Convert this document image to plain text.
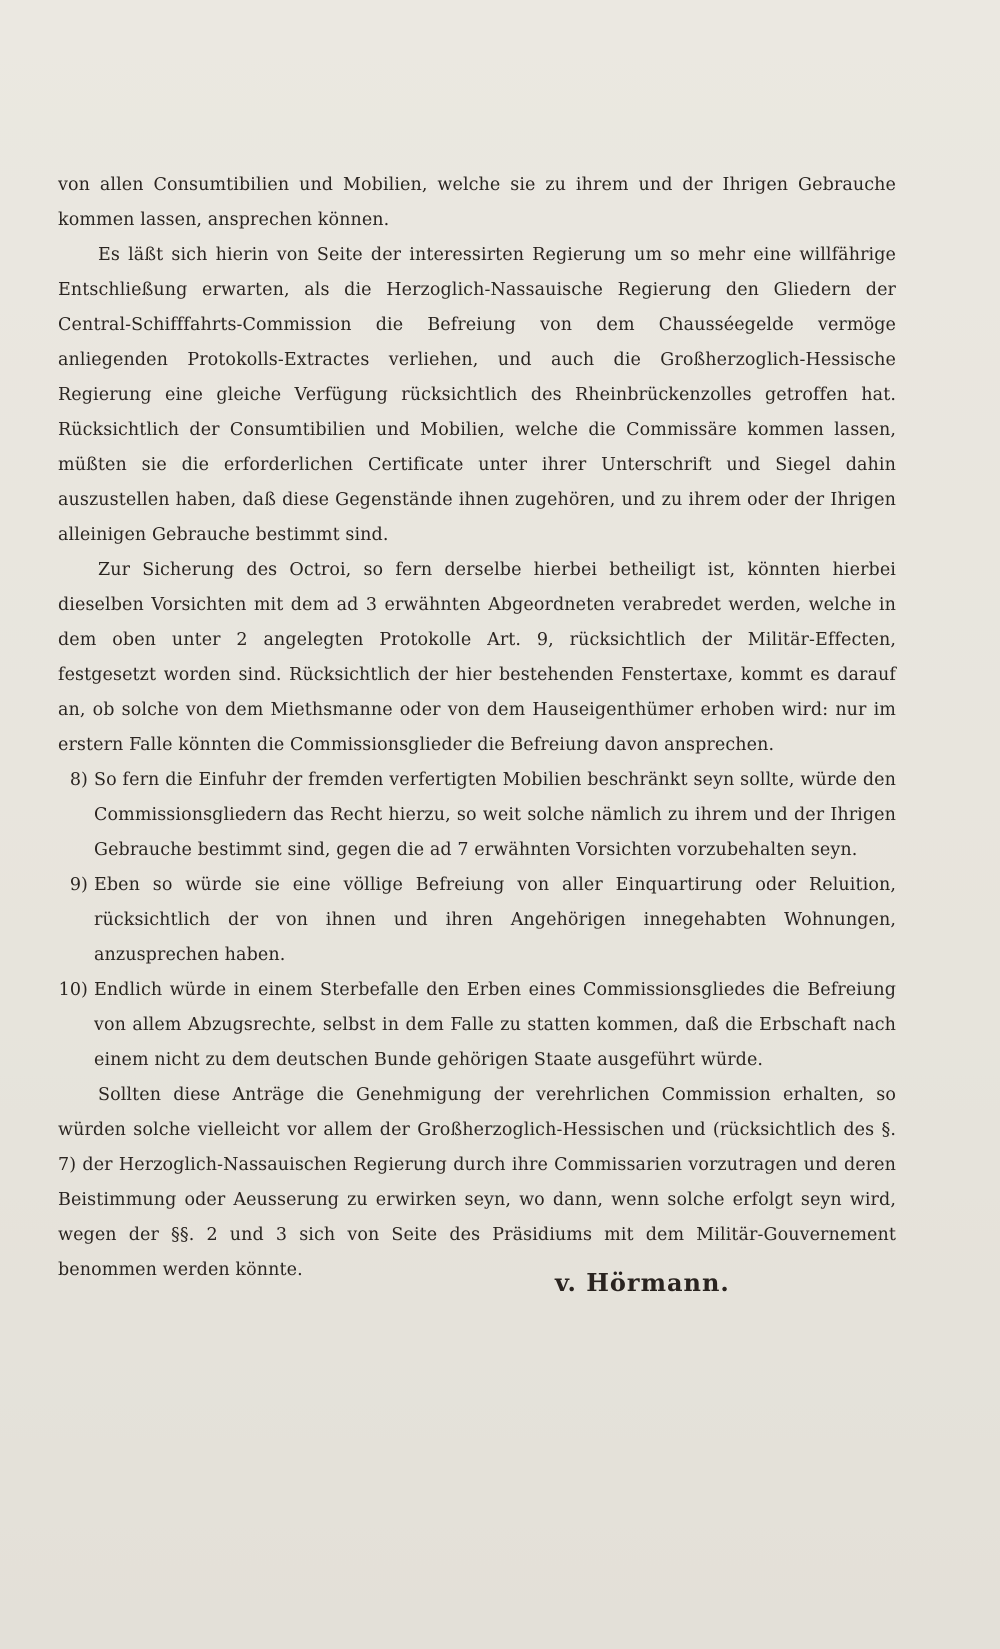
von allen Consumtibilien und Mobilien, welche sie zu ihrem und der Ihrigen Gebrauche kommen lassen, ansprechen können.

Es läßt sich hierin von Seite der interessirten Regierung um so mehr eine willfährige Entschließung erwarten, als die Herzoglich-Nassauische Regierung den Gliedern der Central-Schifffahrts-Commission die Befreiung von dem Chausséegelde vermöge anliegenden Protokolls-Extractes verliehen, und auch die Großherzoglich-Hessische Regierung eine gleiche Verfügung rücksichtlich des Rheinbrückenzolles getroffen hat. Rücksichtlich der Consumtibilien und Mobilien, welche die Commissäre kommen lassen, müßten sie die erforderlichen Certificate unter ihrer Unterschrift und Siegel dahin auszustellen haben, daß diese Gegenstände ihnen zugehören, und zu ihrem oder der Ihrigen alleinigen Gebrauche bestimmt sind.

Zur Sicherung des Octroi, so fern derselbe hierbei betheiligt ist, könnten hierbei dieselben Vorsichten mit dem ad 3 erwähnten Abgeordneten verabredet werden, welche in dem oben unter 2 angelegten Protokolle Art. 9, rücksichtlich der Militär-Effecten, festgesetzt worden sind. Rücksichtlich der hier bestehenden Fenstertaxe, kommt es darauf an, ob solche von dem Miethsmanne oder von dem Hauseigenthümer erhoben wird: nur im erstern Falle könnten die Commissionsglieder die Befreiung davon ansprechen.

8) So fern die Einfuhr der fremden verfertigten Mobilien beschränkt seyn sollte, würde den Commissionsgliedern das Recht hierzu, so weit solche nämlich zu ihrem und der Ihrigen Gebrauche bestimmt sind, gegen die ad 7 erwähnten Vorsichten vorzubehalten seyn.

9) Eben so würde sie eine völlige Befreiung von aller Einquartirung oder Reluition, rücksichtlich der von ihnen und ihren Angehörigen innegehabten Wohnungen, anzusprechen haben.

10) Endlich würde in einem Sterbefalle den Erben eines Commissionsgliedes die Befreiung von allem Abzugsrechte, selbst in dem Falle zu statten kommen, daß die Erbschaft nach einem nicht zu dem deutschen Bunde gehörigen Staate ausgeführt würde.

Sollten diese Anträge die Genehmigung der verehrlichen Commission erhalten, so würden solche vielleicht vor allem der Großherzoglich-Hessischen und (rücksichtlich des §. 7) der Herzoglich-Nassauischen Regierung durch ihre Commissarien vorzutragen und deren Beistimmung oder Aeusserung zu erwirken seyn, wo dann, wenn solche erfolgt seyn wird, wegen der §§. 2 und 3 sich von Seite des Präsidiums mit dem Militär-Gouvernement benommen werden könnte.	v. Hörmann.
